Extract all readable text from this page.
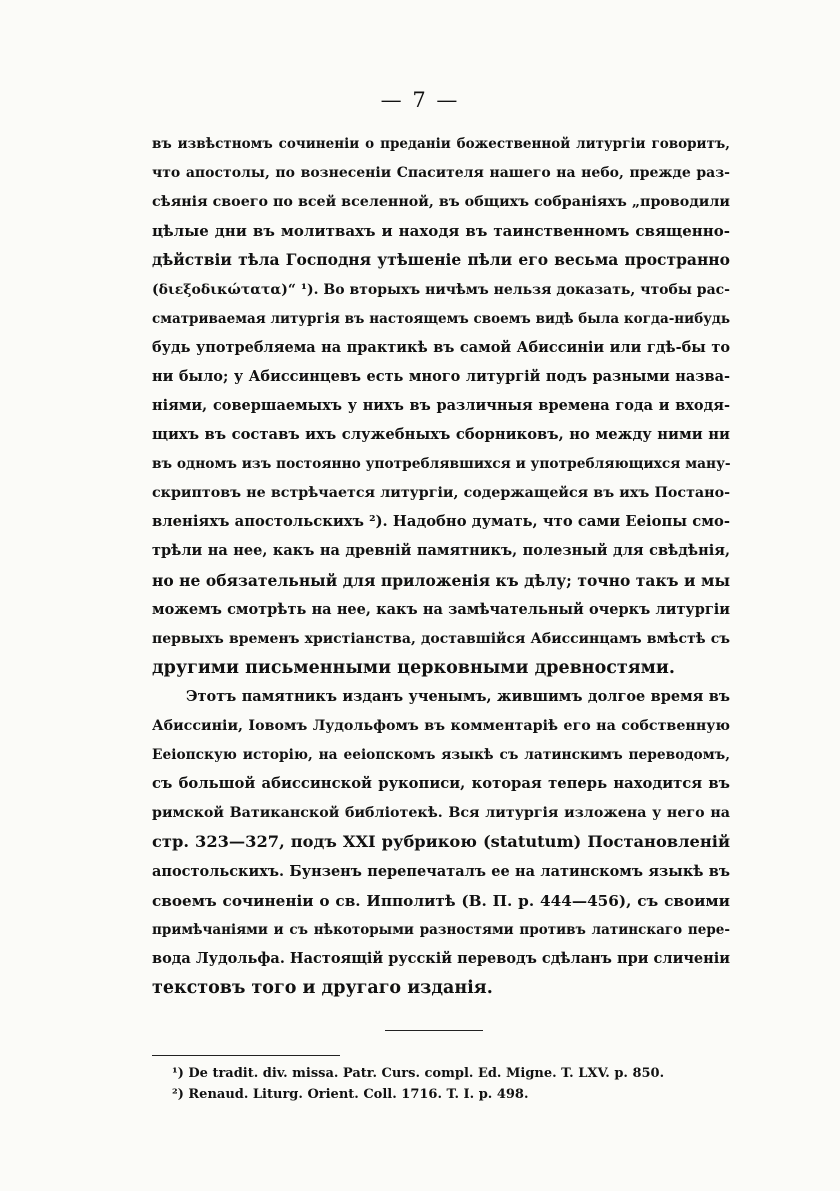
— 7 —
въ извѣстномъ сочиненіи о преданіи божественной литургіи говоритъ,
что апостолы, по вознесеніи Спасителя нашего на небо, прежде раз-
сѣянія своего по всей вселенной, въ общихъ собраніяхъ „проводили
цѣлые дни въ молитвахъ и находя въ таинственномъ священно-
дѣйствіи тѣла Господня утѣшеніе пѣли его весьма пространно
(διεξοδικώτατα)“ ¹). Во вторыхъ ничѣмъ нельзя доказать, чтобы рас-
сматриваемая литургія въ настоящемъ своемъ видѣ была когда-нибудь
будь употребляема на практикѣ въ самой Абиссиніи или гдѣ-бы то
ни было; у Абиссинцевъ есть много литургій подъ разными назва-
ніями, совершаемыхъ у нихъ въ различныя времена года и входя-
щихъ въ составъ ихъ служебныхъ сборниковъ, но между ними ни
въ одномъ изъ постоянно употреблявшихся и употребляющихся ману-
скриптовъ не встрѣчается литургіи, содержащейся въ ихъ Постано-
вленіяхъ апостольскихъ ²). Надобно думать, что сами Ееіопы смо-
трѣли на нее, какъ на древній памятникъ, полезный для свѣдѣнія,
но не обязательный для приложенія къ дѣлу; точно такъ и мы
можемъ смотрѣть на нее, какъ на замѣчательный очеркъ литургіи
первыхъ временъ христіанства, доставшійся Абиссинцамъ вмѣстѣ съ
другими письменными церковными древностями.
Этотъ памятникъ изданъ ученымъ, жившимъ долгое время въ
Абиссиніи, Іовомъ Лудольфомъ въ комментаріѣ его на собственную
Ееіопскую исторію, на ееіопскомъ языкѣ съ латинскимъ переводомъ,
съ большой абиссинской рукописи, которая теперь находится въ
римской Ватиканской библіотекѣ. Вся литургія изложена у него на
стр. 323—327, подъ XXI рубрикою (statutum) Постановленій
апостольскихъ. Бунзенъ перепечаталъ ее на латинскомъ языкѣ въ
своемъ сочиненіи о св. Ипполитѣ (В. П. p. 444—456), съ своими
примѣчаніями и съ нѣкоторыми разностями противъ латинскаго пере-
вода Лудольфа. Настоящій русскій переводъ сдѣланъ при сличеніи
текстовъ того и другаго изданія.
¹) De tradit. div. missa. Patr. Curs. compl. Ed. Migne. T. LXV. p. 850.
²) Renaud. Liturg. Orient. Coll. 1716. T. I. p. 498.
